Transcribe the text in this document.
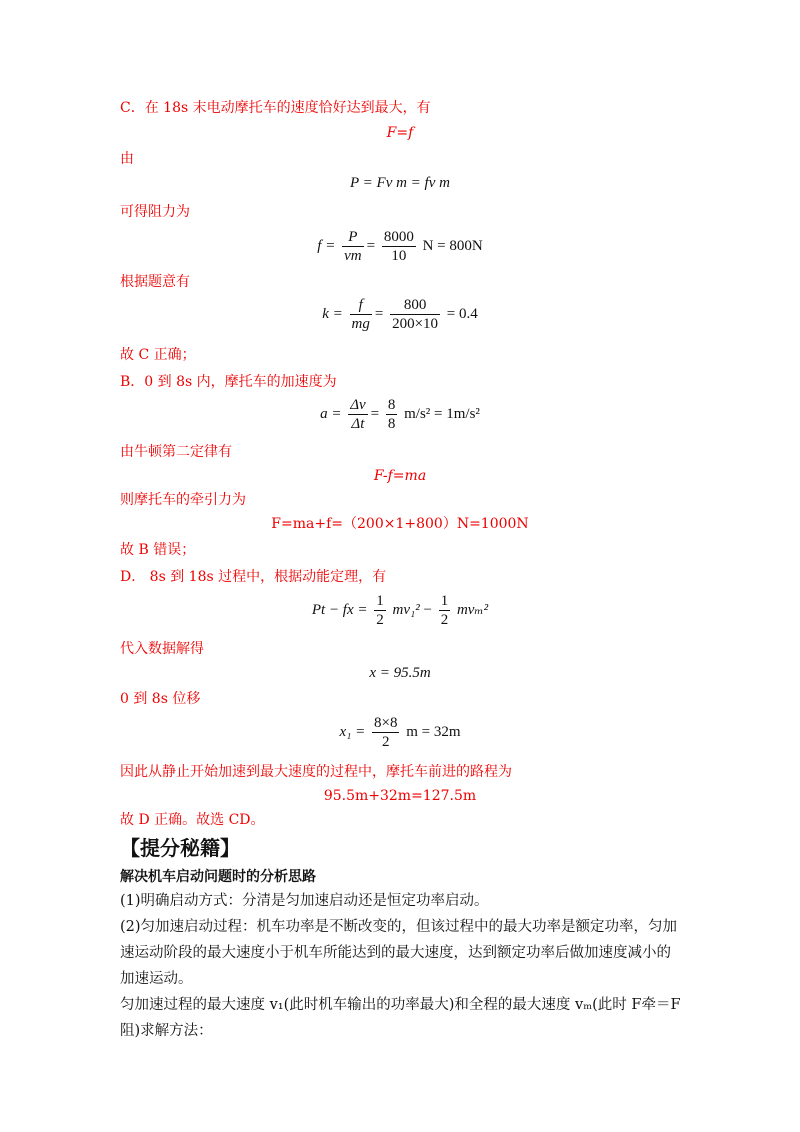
C．在 18s 末电动摩托车的速度恰好达到最大，有
F=f
由
P = Fv m = fv m
可得阻力为
$f = \frac{P}{vm} = \frac{8000}{10}$ N = 800N
根据题意有
$k = \frac{f}{mg} = \frac{800}{200\times 10} = 0.4$
故 C 正确；
B．0 到 8s 内，摩托车的加速度为
$a = \frac{\Delta v}{\Delta t} = \frac{8}{8} m/s^2 = 1m/s^2$
由牛顿第二定律有
F-f=ma
则摩托车的牵引力为
F=ma+f=（200×1+800）N=1000N
故 B 错误；
D． 8s 到 18s 过程中，根据动能定理，有
Pt − fx = $\frac{1}{2} mv_1^2 - \frac{1}{2} mv_m^2$
代入数据解得
x = 95.5m
0 到 8s 位移
$x_1 = \frac{8\times 8}{2}$ m = 32m
因此从静止开始加速到最大速度的过程中，摩托车前进的路程为
95.5m+32m=127.5m
故 D 正确。故选 CD。
【提分秘籍】
解决机车启动问题时的分析思路
(1)明确启动方式：分清是匀加速启动还是恒定功率启动。
(2)匀加速启动过程：机车功率是不断改变的，但该过程中的最大功率是额定功率，匀加速运动阶段的最大速度小于机车所能达到的最大速度，达到额定功率后做加速度减小的加速运动。
匀加速过程的最大速度 v₁(此时机车输出的功率最大)和全程的最大速度 vₘ(此时 F牵＝F阻)求解方法：
